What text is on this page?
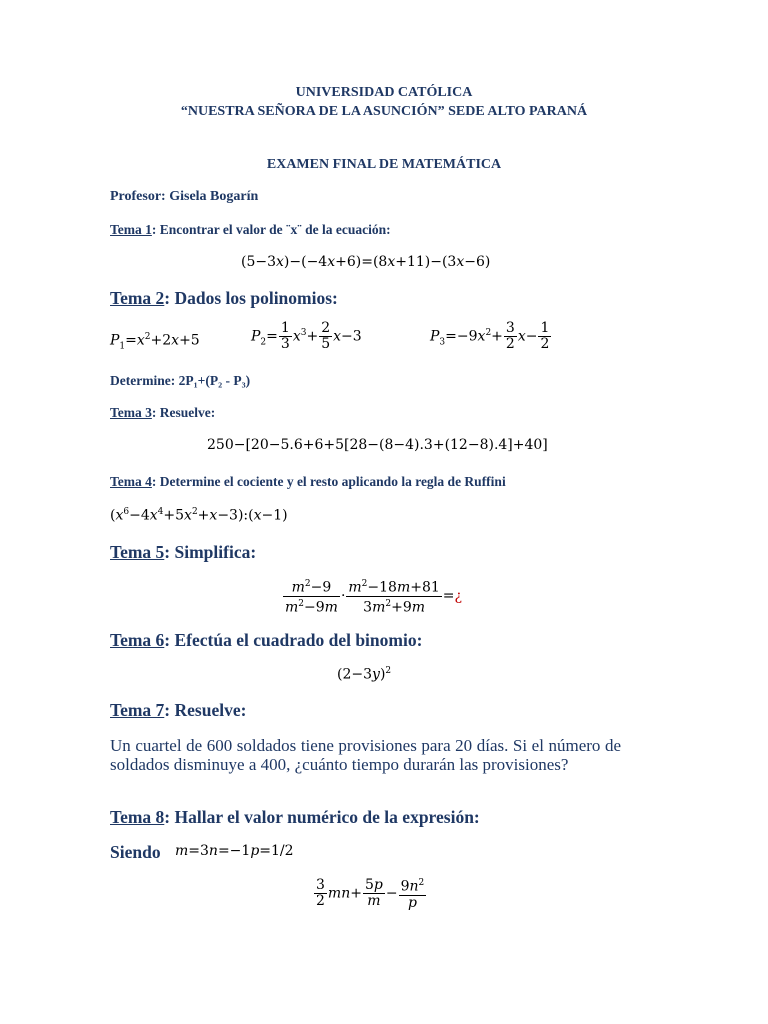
UNIVERSIDAD CATÓLICA
“NUESTRA SEÑORA DE LA ASUNCIÓN” SEDE ALTO PARANÁ
EXAMEN FINAL DE MATEMÁTICA
Profesor: Gisela Bogarín
Tema 1: Encontrar el valor de ¨x¨ de la ecuación:
(5−3x)−(−4x+6)=(8x+11)−(3x−6)
Tema 2: Dados los polinomios:
$P_1=x^2+2x+5$	$P_2= \frac{1}{3} x^3+ \frac{2}{5} x-3$	$P_3=-9x^2+ \frac{3}{2} x- \frac{1}{2}$
Determine: 2P₁+(P₂ - P₃)
Tema 3: Resuelve:
250−[20−5.6+6+5[28−(8−4).3+(12−8).4]+40]
Tema 4: Determine el cociente y el resto aplicando la regla de Ruffini
$(x^6-4x^4+5x^2+x-3):(x-1)$
Tema 5: Simplifica:
$\frac{m^2-9}{m^2-9m} \cdot \frac{m^2-18m+81}{3m^2+9m}$ =¿
Tema 6: Efectúa el cuadrado del binomio:
$(2-3y)^2$
Tema 7: Resuelve:
Un cuartel de 600 soldados tiene provisiones para 20 días. Si el número de soldados disminuye a 400, ¿cuánto tiempo durarán las provisiones?
Tema 8: Hallar el valor numérico de la expresión:
Siendo m=3n=−1p=1/2
$\frac{3}{2} mn+ \frac{5p}{m} - \frac{9n^2}{p}$
